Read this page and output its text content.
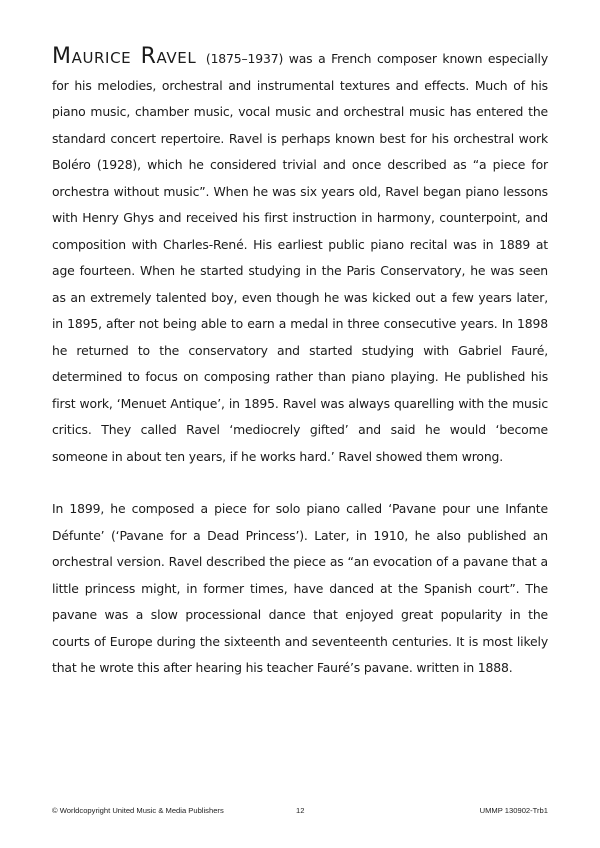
Maurice Ravel (1875–1937) was a French composer known especially for his melodies, orchestral and instrumental textures and effects. Much of his piano music, chamber music, vocal music and orchestral music has entered the standard concert repertoire. Ravel is perhaps known best for his orchestral work Boléro (1928), which he considered trivial and once described as “a piece for orchestra without music”. When he was six years old, Ravel began piano lessons with Henry Ghys and received his first instruction in harmony, counterpoint, and composition with Charles-René. His earliest public piano recital was in 1889 at age fourteen. When he started studying in the Paris Conservatory, he was seen as an extremely talented boy, even though he was kicked out a few years later, in 1895, after not being able to earn a medal in three consecutive years. In 1898 he returned to the conservatory and started studying with Gabriel Fauré, determined to focus on composing rather than piano playing. He published his first work, ‘Menuet Antique’, in 1895. Ravel was always quarelling with the music critics. They called Ravel ‘mediocrely gifted’ and said he would ‘become someone in about ten years, if he works hard.’ Ravel showed them wrong.

In 1899, he composed a piece for solo piano called ‘Pavane pour une Infante Défunte’ (‘Pavane for a Dead Princess’). Later, in 1910, he also published an orchestral version. Ravel described the piece as “an evocation of a pavane that a little princess might, in former times, have danced at the Spanish court”. The pavane was a slow processional dance that enjoyed great popularity in the courts of Europe during the sixteenth and seventeenth centuries. It is most likely that he wrote this after hearing his teacher Fauré’s pavane. written in 1888.

© Worldcopyright United Music & Media Publishers	12	UMMP 130902-Trb1
